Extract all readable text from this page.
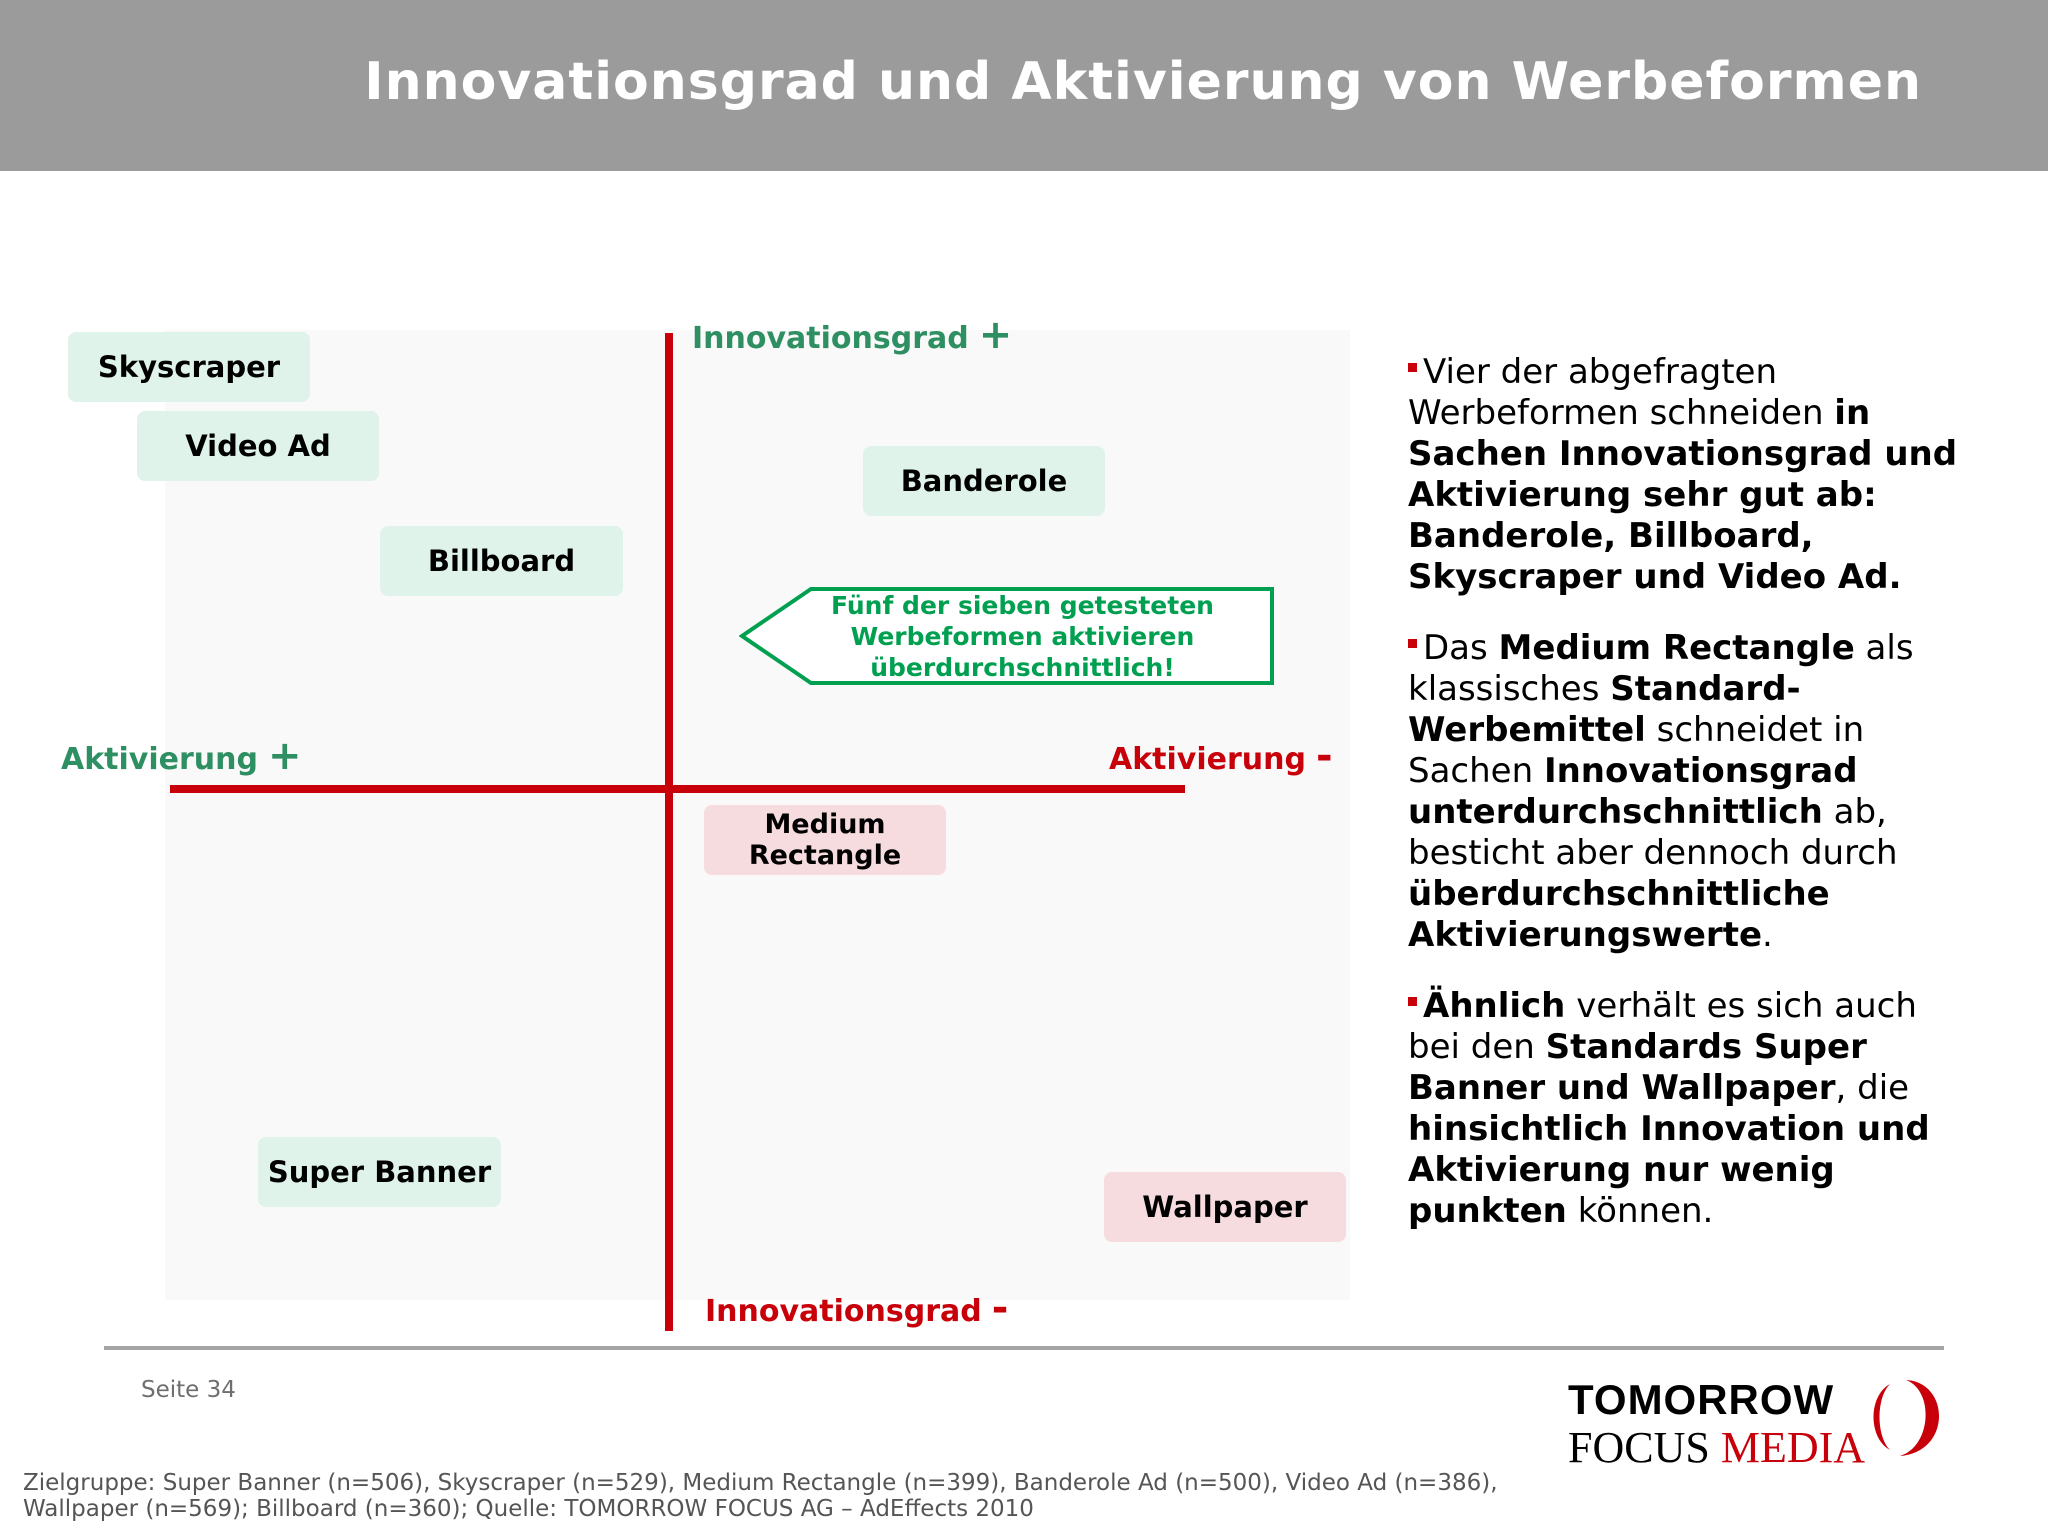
Innovationsgrad und Aktivierung von Werbeformen
Innovationsgrad +
Innovationsgrad -
Aktivierung +	Aktivierung -
Skyscraper
Video Ad
Billboard
Banderole
Medium
Rectangle
Super Banner
Wallpaper
Fünf der sieben getesteten
Werbeformen aktivieren
überdurchschnittlich!

Vier der abgefragten Werbeformen schneiden in Sachen Innovationsgrad und Aktivierung sehr gut ab: Banderole, Billboard, Skyscraper und Video Ad.

Das Medium Rectangle als klassisches Standard-Werbemittel schneidet in Sachen Innovationsgrad unterdurchschnittlich ab, besticht aber dennoch durch überdurchschnittliche Aktivierungswerte.

Ähnlich verhält es sich auch bei den Standards Super Banner und Wallpaper, die hinsichtlich Innovation und Aktivierung nur wenig punkten können.

Seite 34	TOMORROW
FOCUS MEDIA
Zielgruppe: Super Banner (n=506), Skyscraper (n=529), Medium Rectangle (n=399), Banderole Ad (n=500), Video Ad (n=386),
Wallpaper (n=569); Billboard (n=360); Quelle: TOMORROW FOCUS AG – AdEffects 2010
